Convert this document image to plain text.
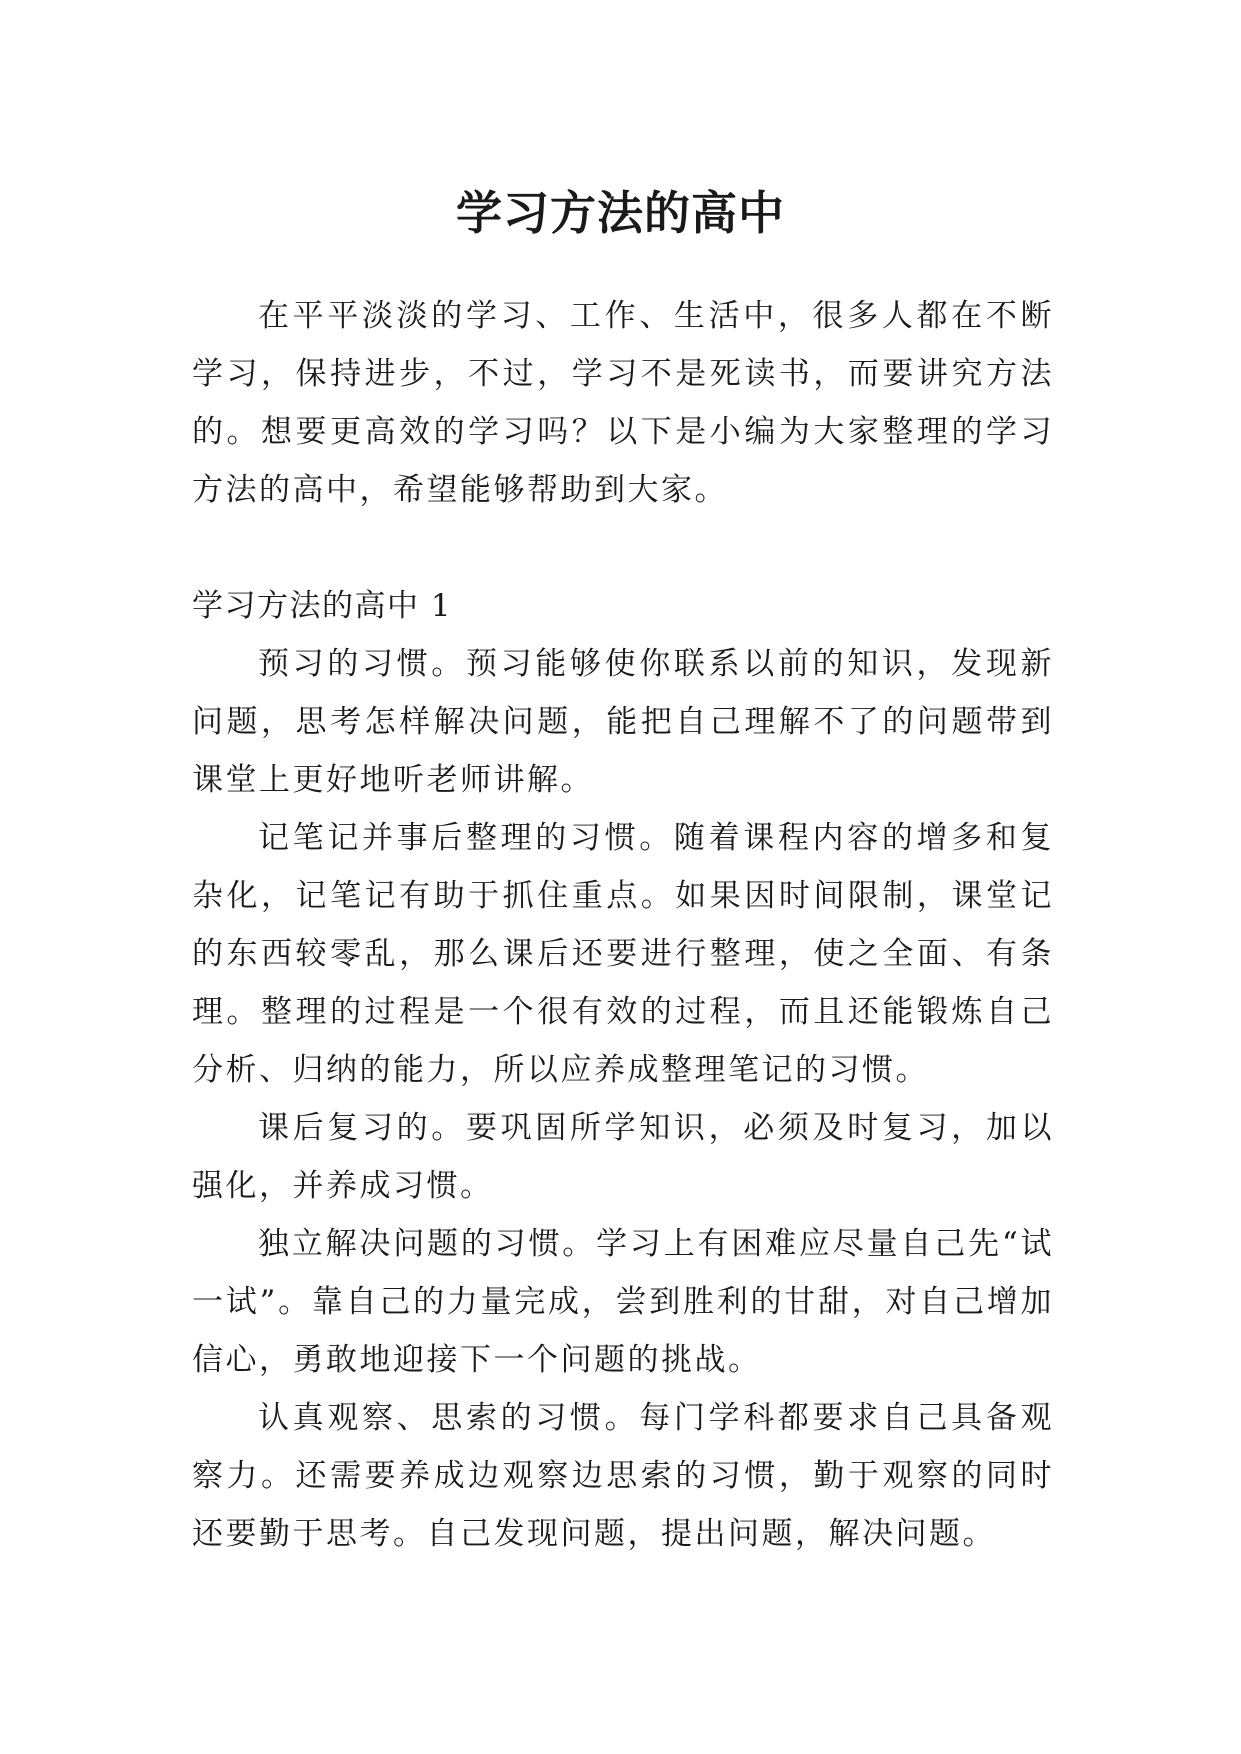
学习方法的高中

在平平淡淡的学习、工作、生活中，很多人都在不断学习，保持进步，不过，学习不是死读书，而要讲究方法的。想要更高效的学习吗？以下是小编为大家整理的学习方法的高中，希望能够帮助到大家。

学习方法的高中 1

预习的习惯。预习能够使你联系以前的知识，发现新问题，思考怎样解决问题，能把自己理解不了的问题带到课堂上更好地听老师讲解。

记笔记并事后整理的习惯。随着课程内容的增多和复杂化，记笔记有助于抓住重点。如果因时间限制，课堂记的东西较零乱，那么课后还要进行整理，使之全面、有条理。整理的过程是一个很有效的过程，而且还能锻炼自己分析、归纳的能力，所以应养成整理笔记的习惯。

课后复习的。要巩固所学知识，必须及时复习，加以强化，并养成习惯。

独立解决问题的习惯。学习上有困难应尽量自己先“试一试”。靠自己的力量完成，尝到胜利的甘甜，对自己增加信心，勇敢地迎接下一个问题的挑战。

认真观察、思索的习惯。每门学科都要求自己具备观察力。还需要养成边观察边思索的习惯，勤于观察的同时还要勤于思考。自己发现问题，提出问题，解决问题。
